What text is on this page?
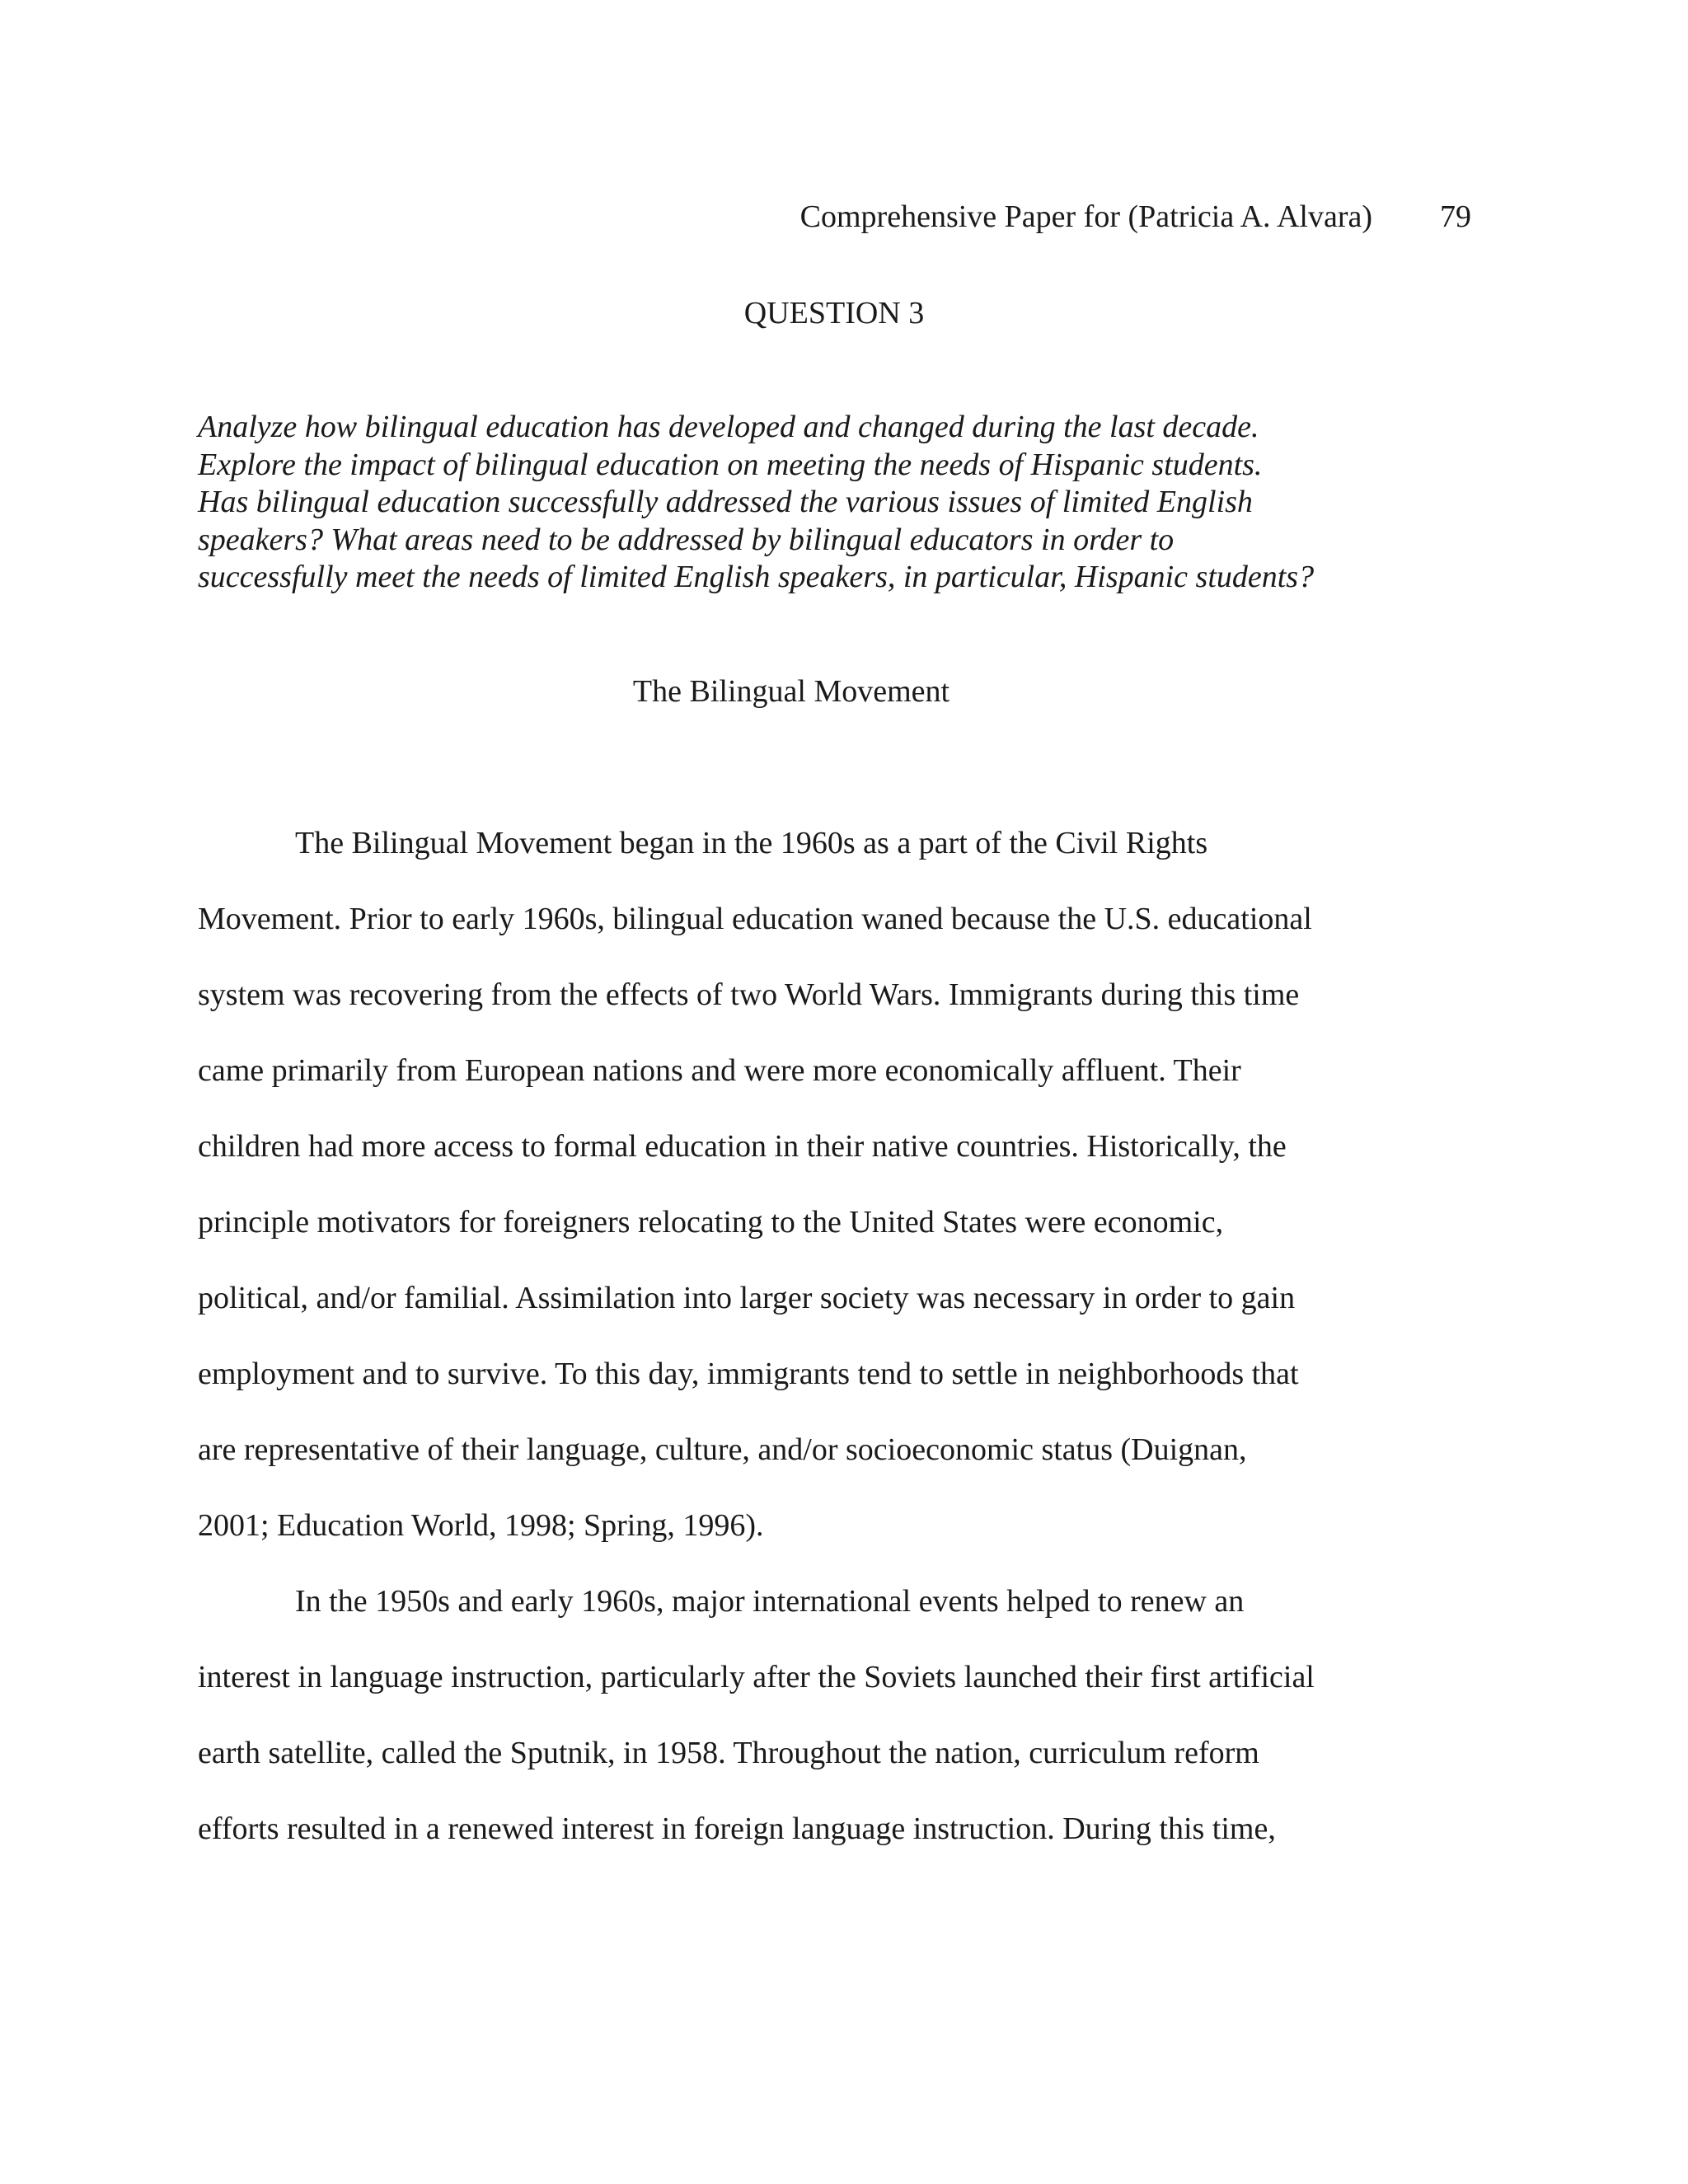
Comprehensive Paper for (Patricia A. Alvara) 79
QUESTION 3
Analyze how bilingual education has developed and changed during the last decade.
Explore the impact of bilingual education on meeting the needs of Hispanic students.
Has bilingual education successfully addressed the various issues of limited English
speakers? What areas need to be addressed by bilingual educators in order to
successfully meet the needs of limited English speakers, in particular, Hispanic students?
The Bilingual Movement
The Bilingual Movement began in the 1960s as a part of the Civil Rights
Movement. Prior to early 1960s, bilingual education waned because the U.S. educational
system was recovering from the effects of two World Wars. Immigrants during this time
came primarily from European nations and were more economically affluent. Their
children had more access to formal education in their native countries. Historically, the
principle motivators for foreigners relocating to the United States were economic,
political, and/or familial. Assimilation into larger society was necessary in order to gain
employment and to survive. To this day, immigrants tend to settle in neighborhoods that
are representative of their language, culture, and/or socioeconomic status (Duignan,
2001; Education World, 1998; Spring, 1996).
In the 1950s and early 1960s, major international events helped to renew an
interest in language instruction, particularly after the Soviets launched their first artificial
earth satellite, called the Sputnik, in 1958. Throughout the nation, curriculum reform
efforts resulted in a renewed interest in foreign language instruction. During this time,
